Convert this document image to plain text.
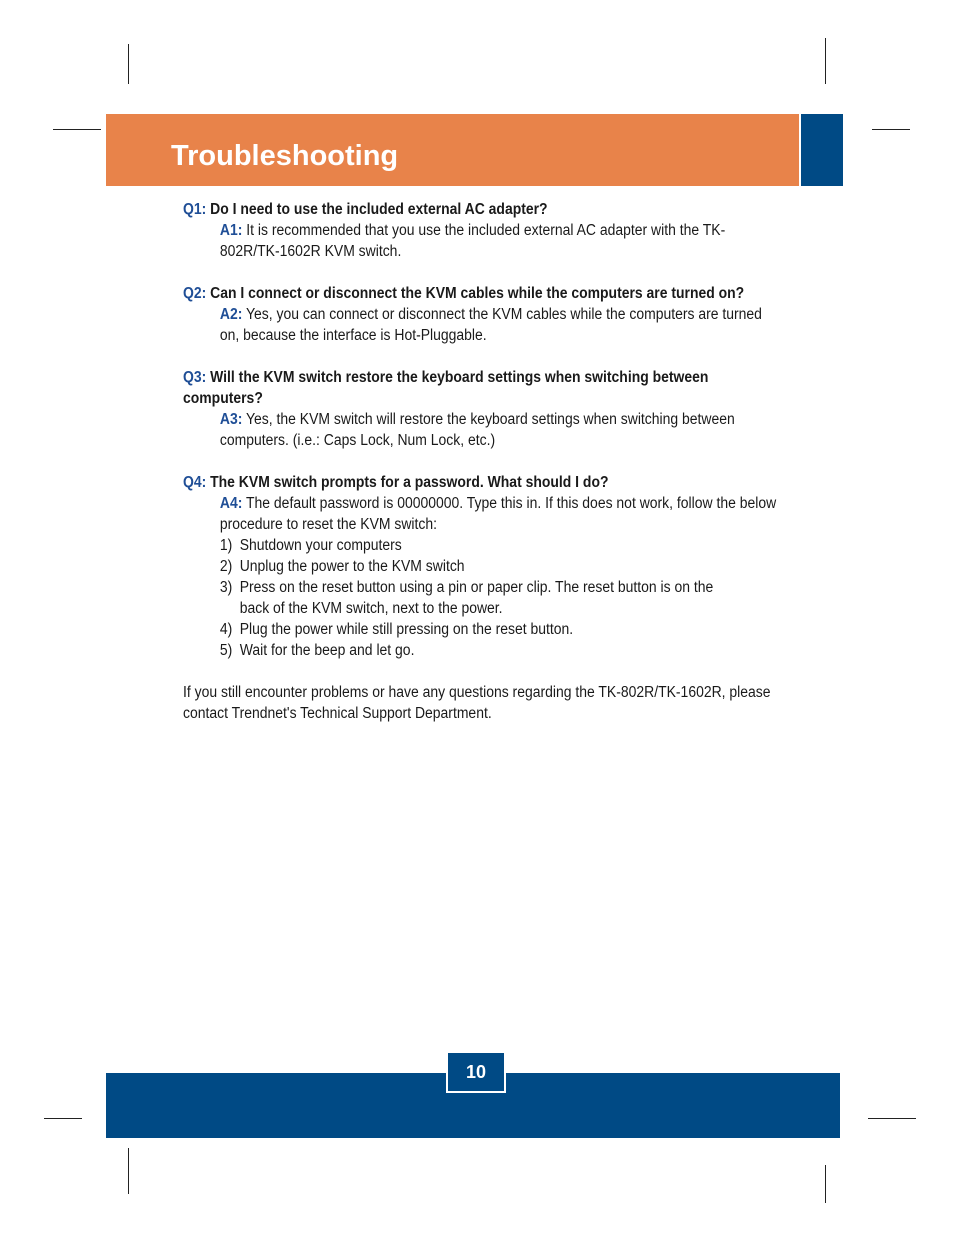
Troubleshooting
Q1: Do I need to use the included external AC adapter?
A1: It is recommended that you use the included external AC adapter with the TK-802R/TK-1602R KVM switch.
Q2: Can I connect or disconnect the KVM cables while the computers are turned on?
A2: Yes, you can connect or disconnect the KVM cables while the computers are turned on, because the interface is Hot-Pluggable.
Q3: Will the KVM switch restore the keyboard settings when switching between computers?
A3: Yes, the KVM switch will restore the keyboard settings when switching between computers. (i.e.: Caps Lock, Num Lock, etc.)
Q4: The KVM switch prompts for a password. What should I do?
A4: The default password is 00000000. Type this in. If this does not work, follow the below procedure to reset the KVM switch:
1) Shutdown your computers
2) Unplug the power to the KVM switch
3) Press on the reset button using a pin or paper clip. The reset button is on the back of the KVM switch, next to the power.
4) Plug the power while still pressing on the reset button.
5) Wait for the beep and let go.
If you still encounter problems or have any questions regarding the TK-802R/TK-1602R, please contact Trendnet's Technical Support Department.
10
